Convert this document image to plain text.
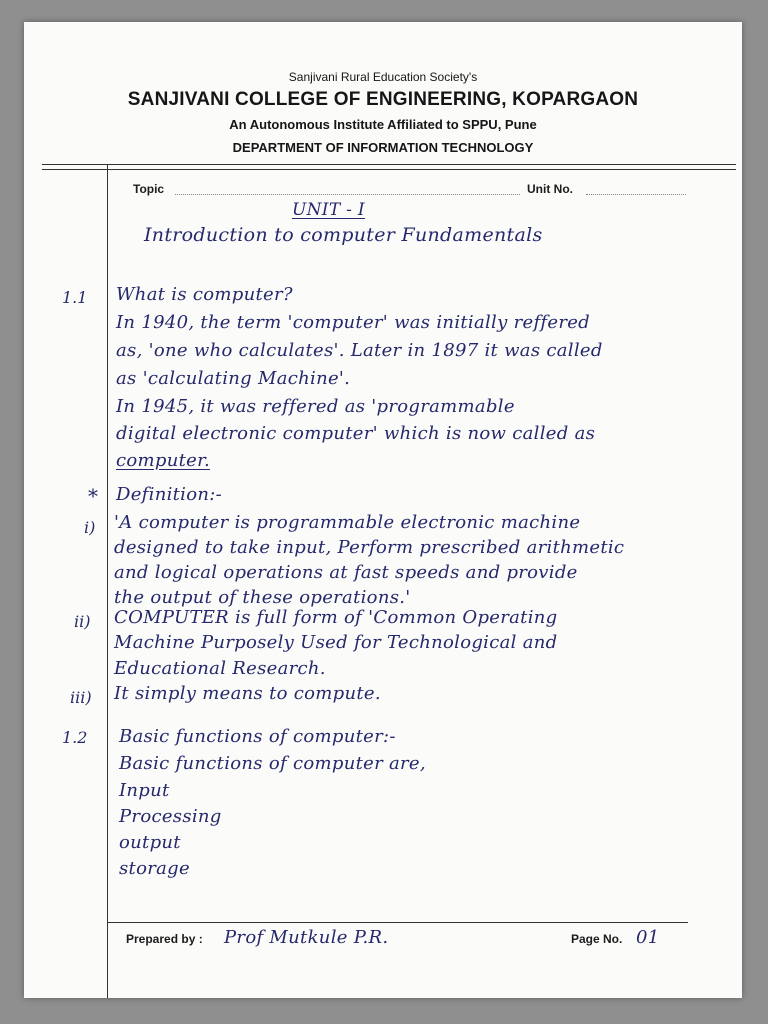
Sanjivani Rural Education Society's
SANJIVANI COLLEGE OF ENGINEERING, KOPARGAON
An Autonomous Institute Affiliated to SPPU, Pune
DEPARTMENT OF INFORMATION TECHNOLOGY
Topic	Unit No.
UNIT - I
Introduction to computer Fundamentals
1.1 What is computer?
In 1940, the term 'computer' was initially reffered
as, 'one who calculates'. Later in 1897 it was called
as 'calculating Machine'.
In 1945, it was reffered as 'programmable
digital electronic computer' which is now called as
computer.
* Definition:-
i) 'A computer is programmable electronic machine
designed to take input, Perform prescribed arithmetic
and logical operations at fast speeds and provide
the output of these operations.'
ii) COMPUTER is full form of 'Common Operating
Machine Purposely Used for Technological and
Educational Research.
iii) It simply means to compute.
1.2 Basic functions of computer:-
Basic functions of computer are,
Input
Processing
output
storage
Prepared by : Prof Mutkule P.R.	Page No. 01
